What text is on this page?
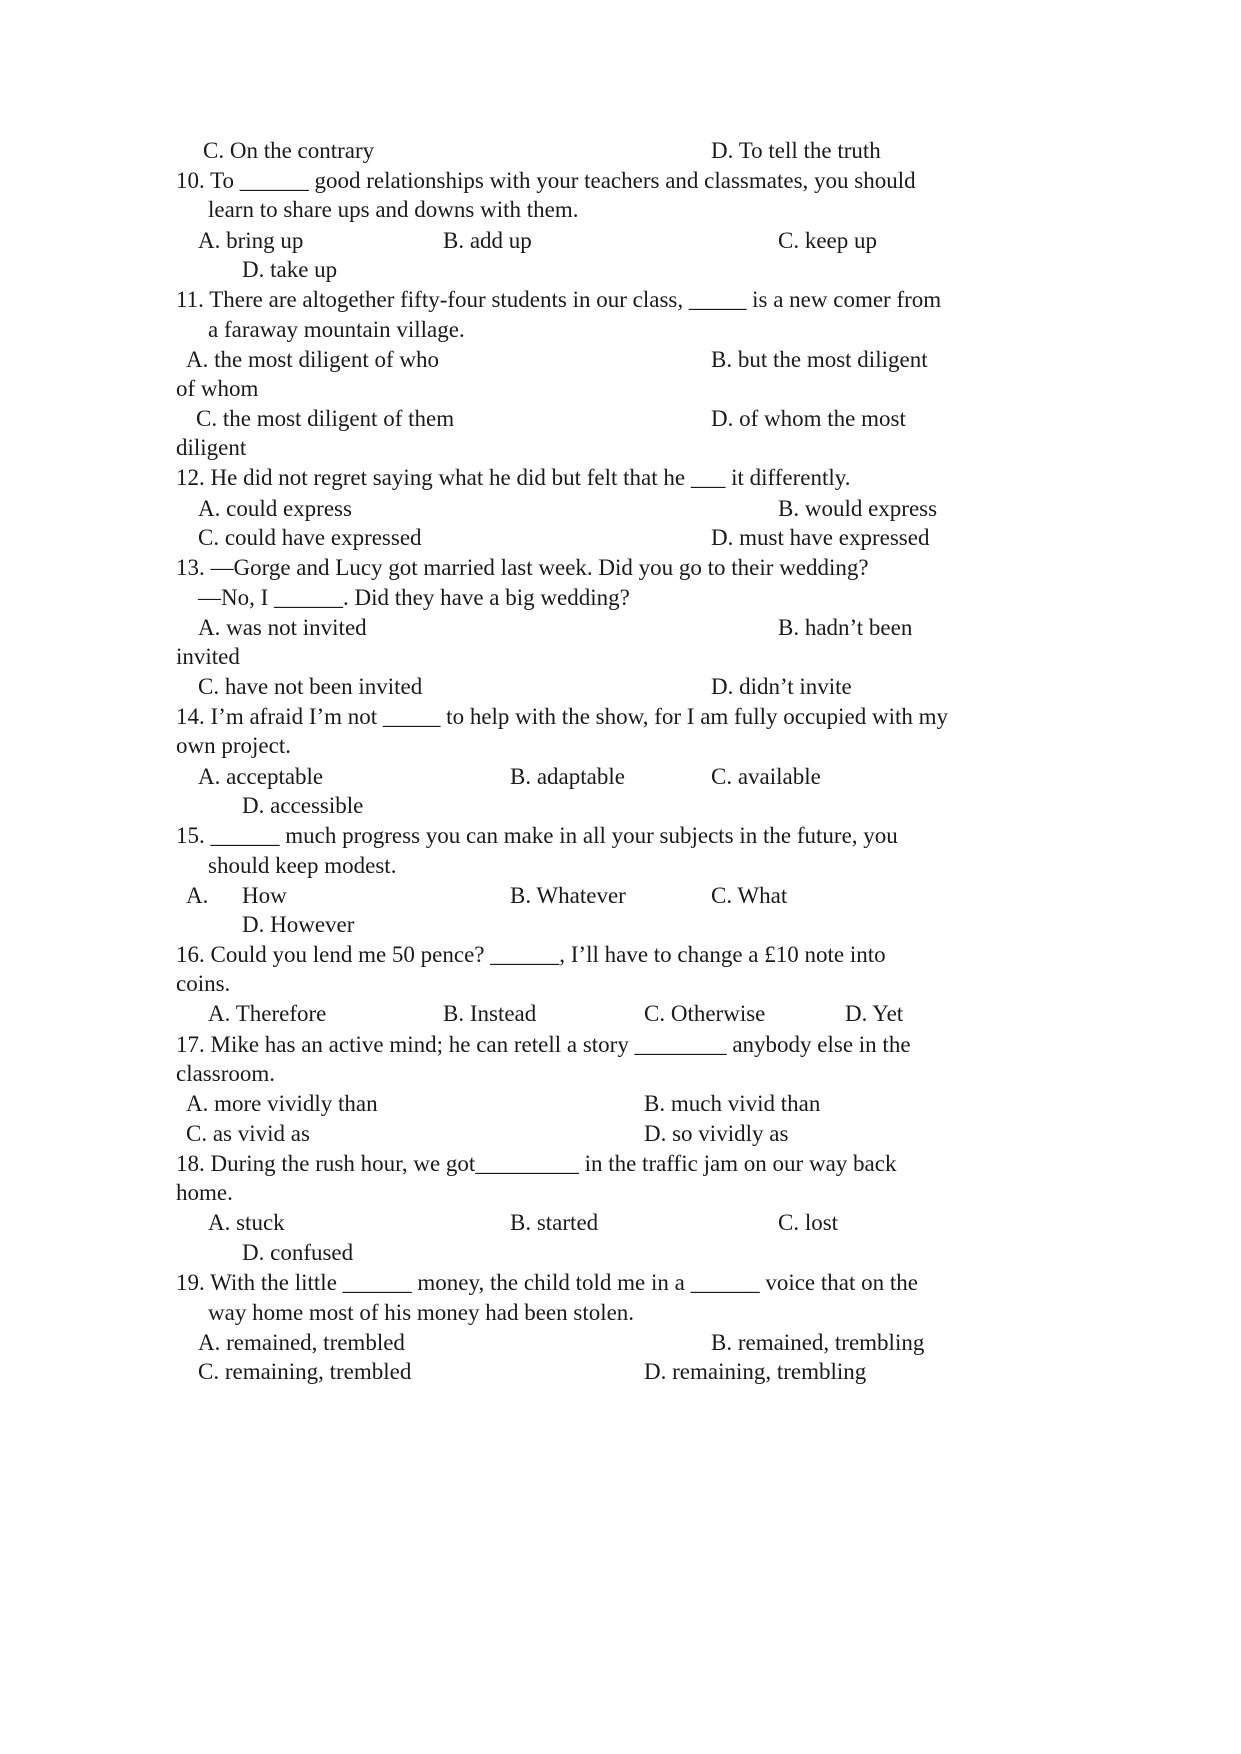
C. On the contrary	D. To tell the truth
10. To ______ good relationships with your teachers and classmates, you should
learn to share ups and downs with them.
A. bring up	B. add up	C. keep up
D. take up
11. There are altogether fifty-four students in our class, _____ is a new comer from
a faraway mountain village.
A. the most diligent of who	B. but the most diligent
of whom
C. the most diligent of them	D. of whom the most
diligent
12. He did not regret saying what he did but felt that he ___ it differently.
A. could express	B. would express
C. could have expressed	D. must have expressed
13. —Gorge and Lucy got married last week. Did you go to their wedding?
—No, I ______. Did they have a big wedding?
A. was not invited	B. hadn’t been
invited
C. have not been invited	D. didn’t invite
14. I’m afraid I’m not _____ to help with the show, for I am fully occupied with my
own project.
A. acceptable	B. adaptable	C. available
D. accessible
15. ______ much progress you can make in all your subjects in the future, you
should keep modest.
A. How	B. Whatever	C. What
D. However
16. Could you lend me 50 pence? ______, I’ll have to change a £10 note into
coins.
A. Therefore	B. Instead	C. Otherwise	D. Yet
17. Mike has an active mind; he can retell a story ________ anybody else in the
classroom.
A. more vividly than	B. much vivid than
C. as vivid as	D. so vividly as
18. During the rush hour, we got_________ in the traffic jam on our way back
home.
A. stuck	B. started	C. lost
D. confused
19. With the little ______ money, the child told me in a ______ voice that on the
way home most of his money had been stolen.
A. remained, trembled	B. remained, trembling
C. remaining, trembled	D. remaining, trembling
